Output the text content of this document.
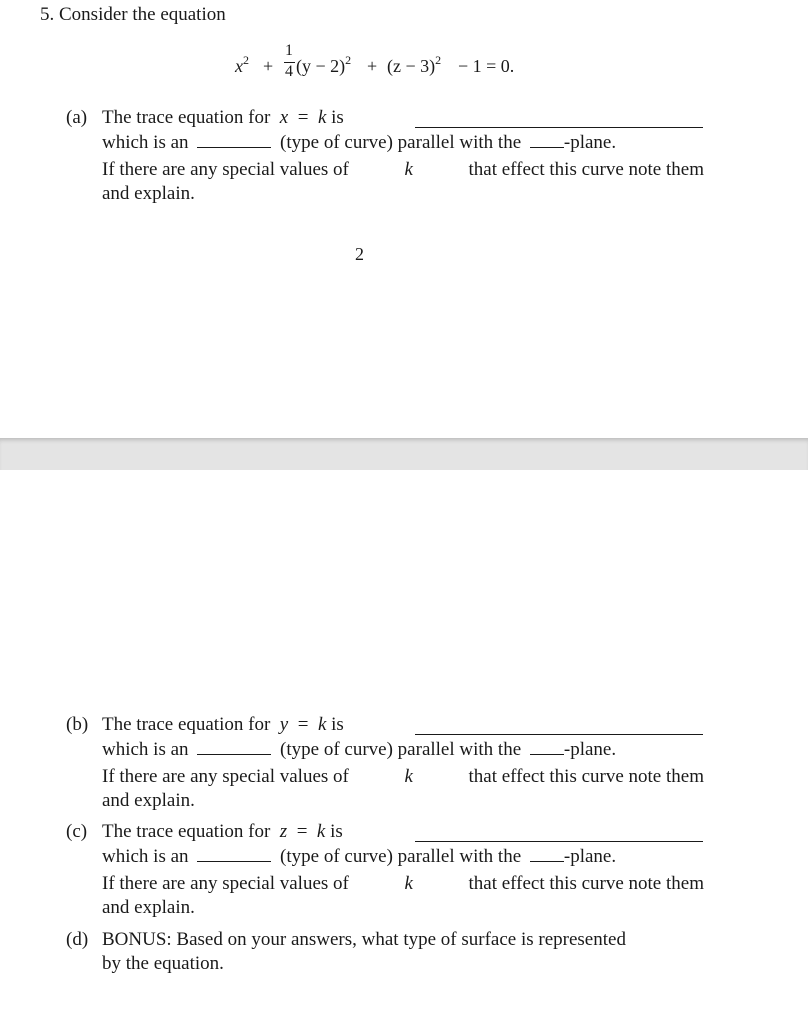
5. Consider the equation
$x^2$ +
1
4 $(y - 2)^2 + (z - 3)^2 - 1 = 0$.
(a) The trace equation for x = k is
which is an	(type of curve) parallel with the -plane.
If there are any special values of	k	that effect this curve note them
and explain.
2
(b) The trace equation for y = k is
which is an	(type of curve) parallel with the -plane.
If there are any special values of	k	that effect this curve note them
and explain.
(c) The trace equation for z = k is
which is an	(type of curve) parallel with the -plane.
If there are any special values of	k	that effect this curve note them
and explain.
(d) BONUS: Based on your answers, what type of surface is represented
by the equation.
